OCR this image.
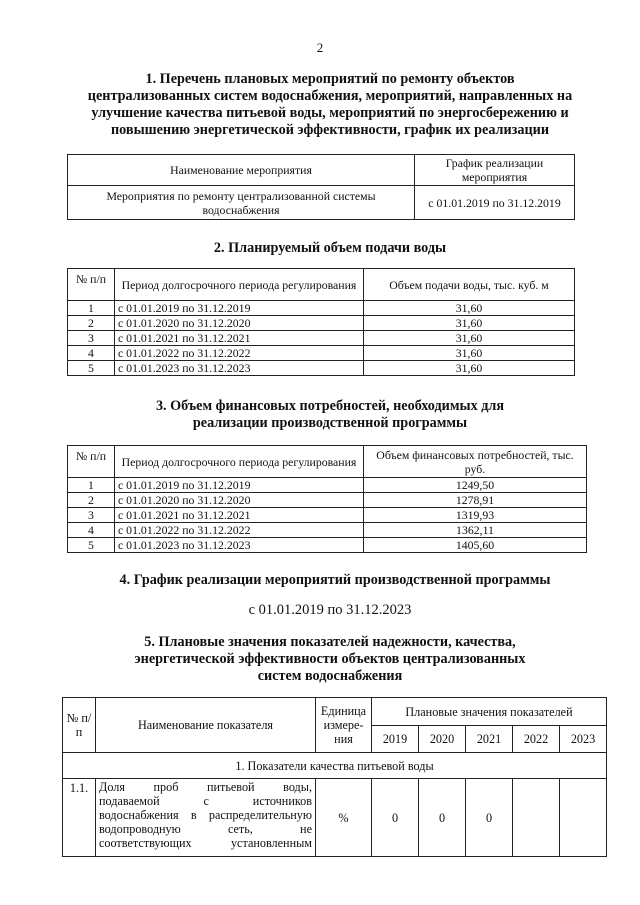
2
1. Перечень плановых мероприятий по ремонту объектов
централизованных систем водоснабжения, мероприятий, направленных на
улучшение качества питьевой воды, мероприятий по энергосбережению и
повышению энергетической эффективности, график их реализации
Наименование мероприятия	График реализации мероприятия
Мероприятия по ремонту централизованной системы водоснабжения	с 01.01.2019 по 31.12.2019
2. Планируемый объем подачи воды
№ п/п	Период долгосрочного периода регулирования	Объем подачи воды, тыс. куб. м
1	с 01.01.2019 по 31.12.2019	31,60
2	с 01.01.2020 по 31.12.2020	31,60
3	с 01.01.2021 по 31.12.2021	31,60
4	с 01.01.2022 по 31.12.2022	31,60
5	с 01.01.2023 по 31.12.2023	31,60
3. Объем финансовых потребностей, необходимых для
реализации производственной программы
№ п/п	Период долгосрочного периода регулирования	Объем финансовых потребностей, тыс. руб.
1	с 01.01.2019 по 31.12.2019	1249,50
2	с 01.01.2020 по 31.12.2020	1278,91
3	с 01.01.2021 по 31.12.2021	1319,93
4	с 01.01.2022 по 31.12.2022	1362,11
5	с 01.01.2023 по 31.12.2023	1405,60
4. График реализации мероприятий производственной программы
с 01.01.2019 по 31.12.2023
5. Плановые значения показателей надежности, качества,
энергетической эффективности объектов централизованных
систем водоснабжения
№ п/п	Наименование показателя	Единица измере-ния	Плановые значения показателей				
			2019	2020	2021	2022	2023
1. Показатели качества питьевой воды							
1.1.	Доля проб питьевой воды,
подаваемой с источников
водоснабжения в распределительную
водопроводную сеть, не
соответствующих установленным	%	0	0	0		
